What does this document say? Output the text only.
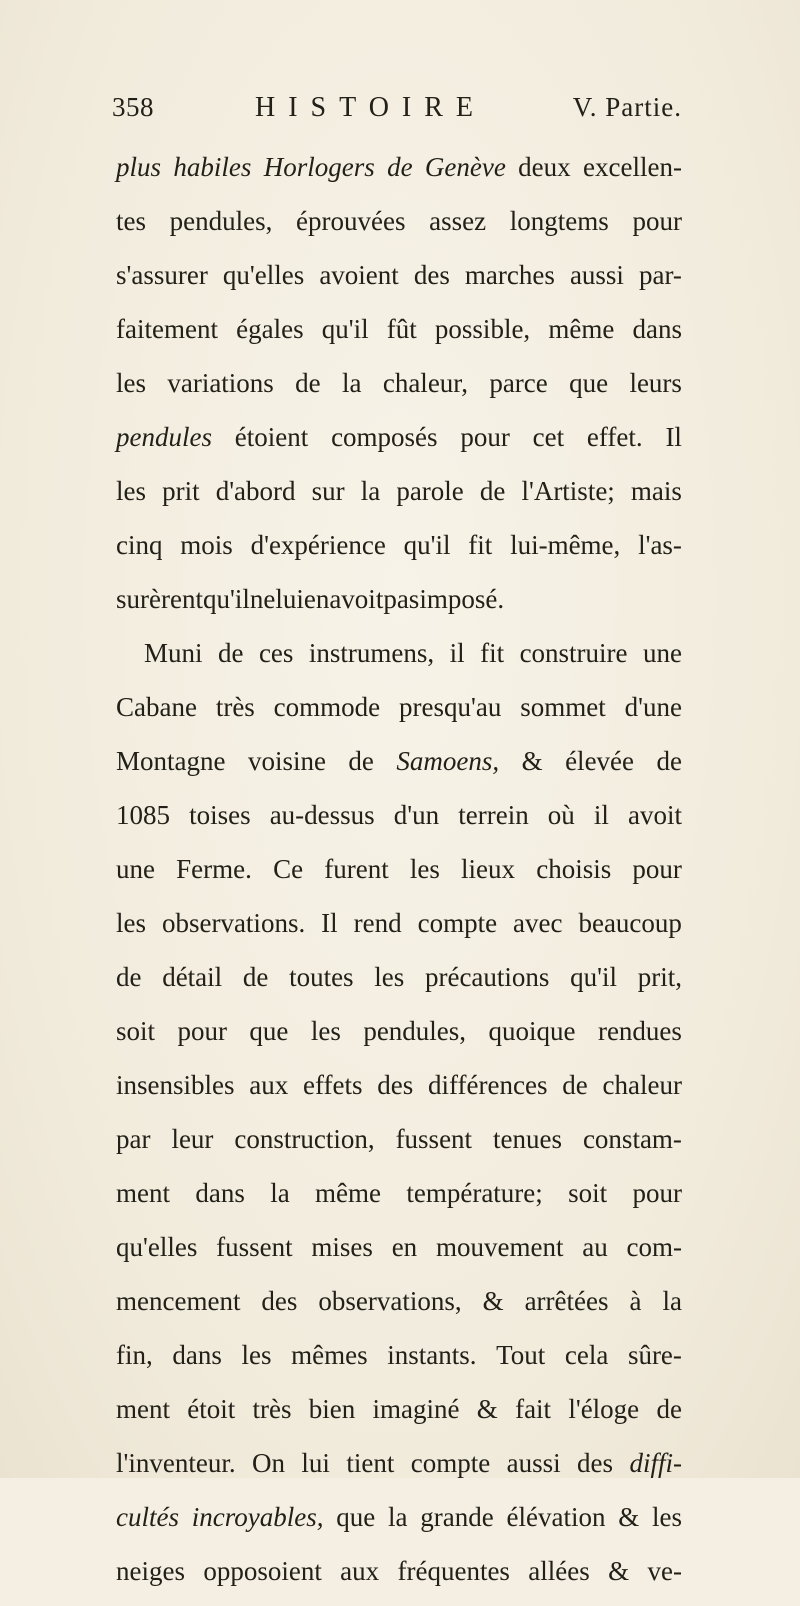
358	HISTOIRE	V. Partie.
plus habiles Horlogers de Genève deux excellen-
tes pendules, éprouvées assez longtems pour
s'assurer qu'elles avoient des marches aussi par-
faitement égales qu'il fût possible, même dans
les variations de la chaleur, parce que leurs
pendules étoient composés pour cet effet. Il
les prit d'abord sur la parole de l'Artiste; mais
cinq mois d'expérience qu'il fit lui-même, l'as-
surèrent qu'il ne lui en avoit pas imposé.
Muni de ces instrumens, il fit construire une
Cabane très commode presqu'au sommet d'une
Montagne voisine de Samoens, & élevée de
1085 toises au-dessus d'un terrein où il avoit
une Ferme. Ce furent les lieux choisis pour
les observations. Il rend compte avec beaucoup
de détail de toutes les précautions qu'il prit,
soit pour que les pendules, quoique rendues
insensibles aux effets des différences de chaleur
par leur construction, fussent tenues constam-
ment dans la même température; soit pour
qu'elles fussent mises en mouvement au com-
mencement des observations, & arrêtées à la
fin, dans les mêmes instants. Tout cela sûre-
ment étoit très bien imaginé & fait l'éloge de
l'inventeur. On lui tient compte aussi des diffi-
cultés incroyables, que la grande élévation & les
neiges opposoient aux fréquentes allées & ve-
